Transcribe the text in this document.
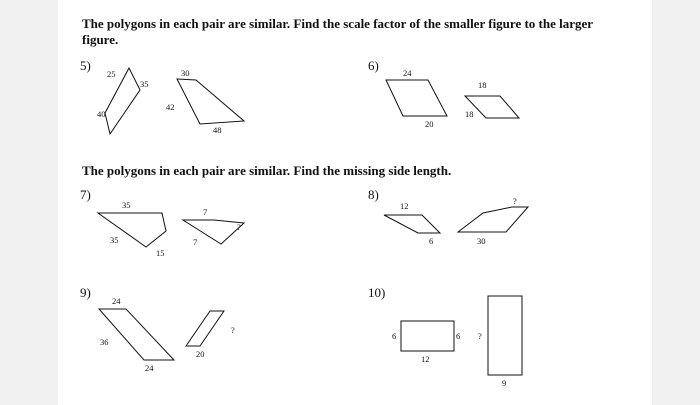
The polygons in each pair are similar. Find the scale factor of the smaller figure to the larger figure.

The polygons in each pair are similar. Find the missing side length.

5)	6)
7)	8)
9)	10)
25
35
40
30
42
48
24
20
18
18
35
35
15
7
7
?
12
6
?
30
24
36
24
?
20
6
12
6 ?
9
